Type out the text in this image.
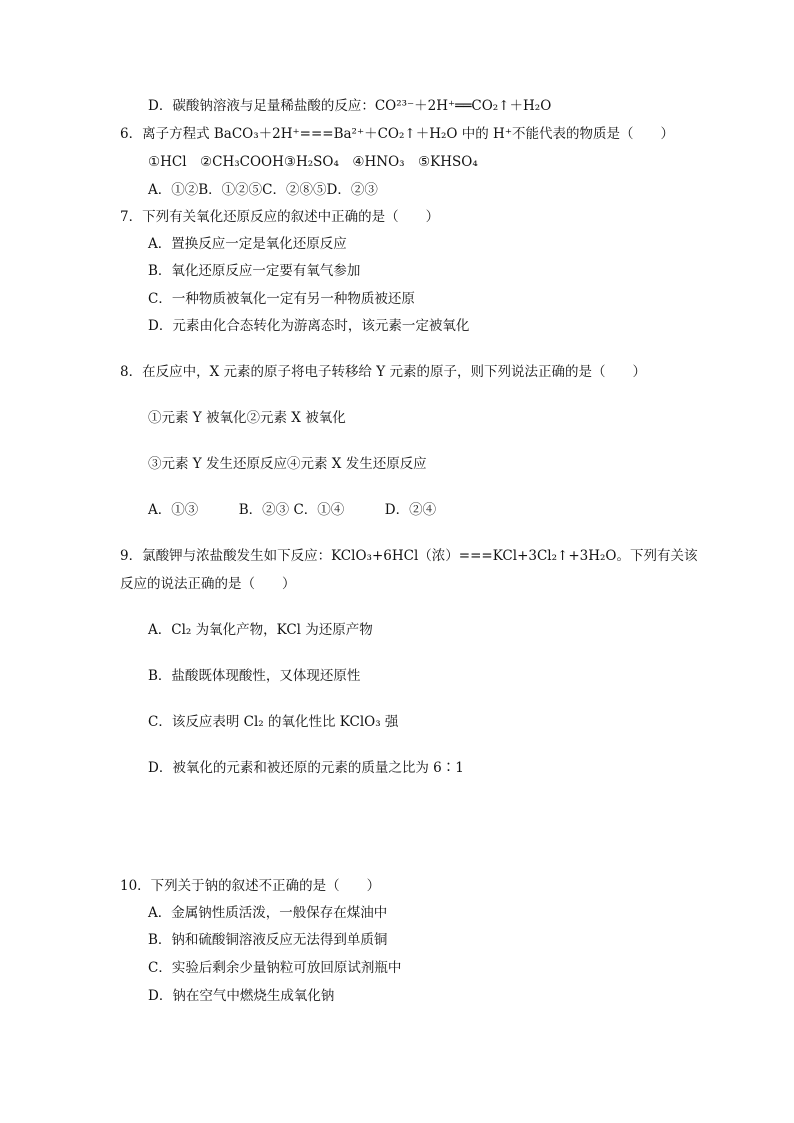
D．碳酸钠溶液与足量稀盐酸的反应：CO²³⁻＋2H⁺══CO₂↑＋H₂O
6．离子方程式 BaCO₃＋2H⁺===Ba²⁺＋CO₂↑＋H₂O 中的 H⁺不能代表的物质是（　　）
①HCl　②CH₃COOH③H₂SO₄　④HNO₃　⑤KHSO₄
A．①②B．①②⑤C．②⑧⑤D．②③
7．下列有关氧化还原反应的叙述中正确的是（　　）
A．置换反应一定是氧化还原反应
B．氧化还原反应一定要有氧气参加
C．一种物质被氧化一定有另一种物质被还原
D．元素由化合态转化为游离态时，该元素一定被氧化
8．在反应中，X 元素的原子将电子转移给 Y 元素的原子，则下列说法正确的是（　　）
①元素 Y 被氧化②元素 X 被氧化
③元素 Y 发生还原反应④元素 X 发生还原反应
A．①③　　　B．②③ C．①④　　　D．②④
9．氯酸钾与浓盐酸发生如下反应：KClO₃+6HCl（浓）===KCl+3Cl₂↑+3H₂O。下列有关该
反应的说法正确的是（　　）
A．Cl₂ 为氧化产物，KCl 为还原产物
B．盐酸既体现酸性，又体现还原性
C．该反应表明 Cl₂ 的氧化性比 KClO₃ 强
D．被氧化的元素和被还原的元素的质量之比为 6∶1
10．下列关于钠的叙述不正确的是（　　）
A．金属钠性质活泼，一般保存在煤油中
B．钠和硫酸铜溶液反应无法得到单质铜
C．实验后剩余少量钠粒可放回原试剂瓶中
D．钠在空气中燃烧生成氧化钠
